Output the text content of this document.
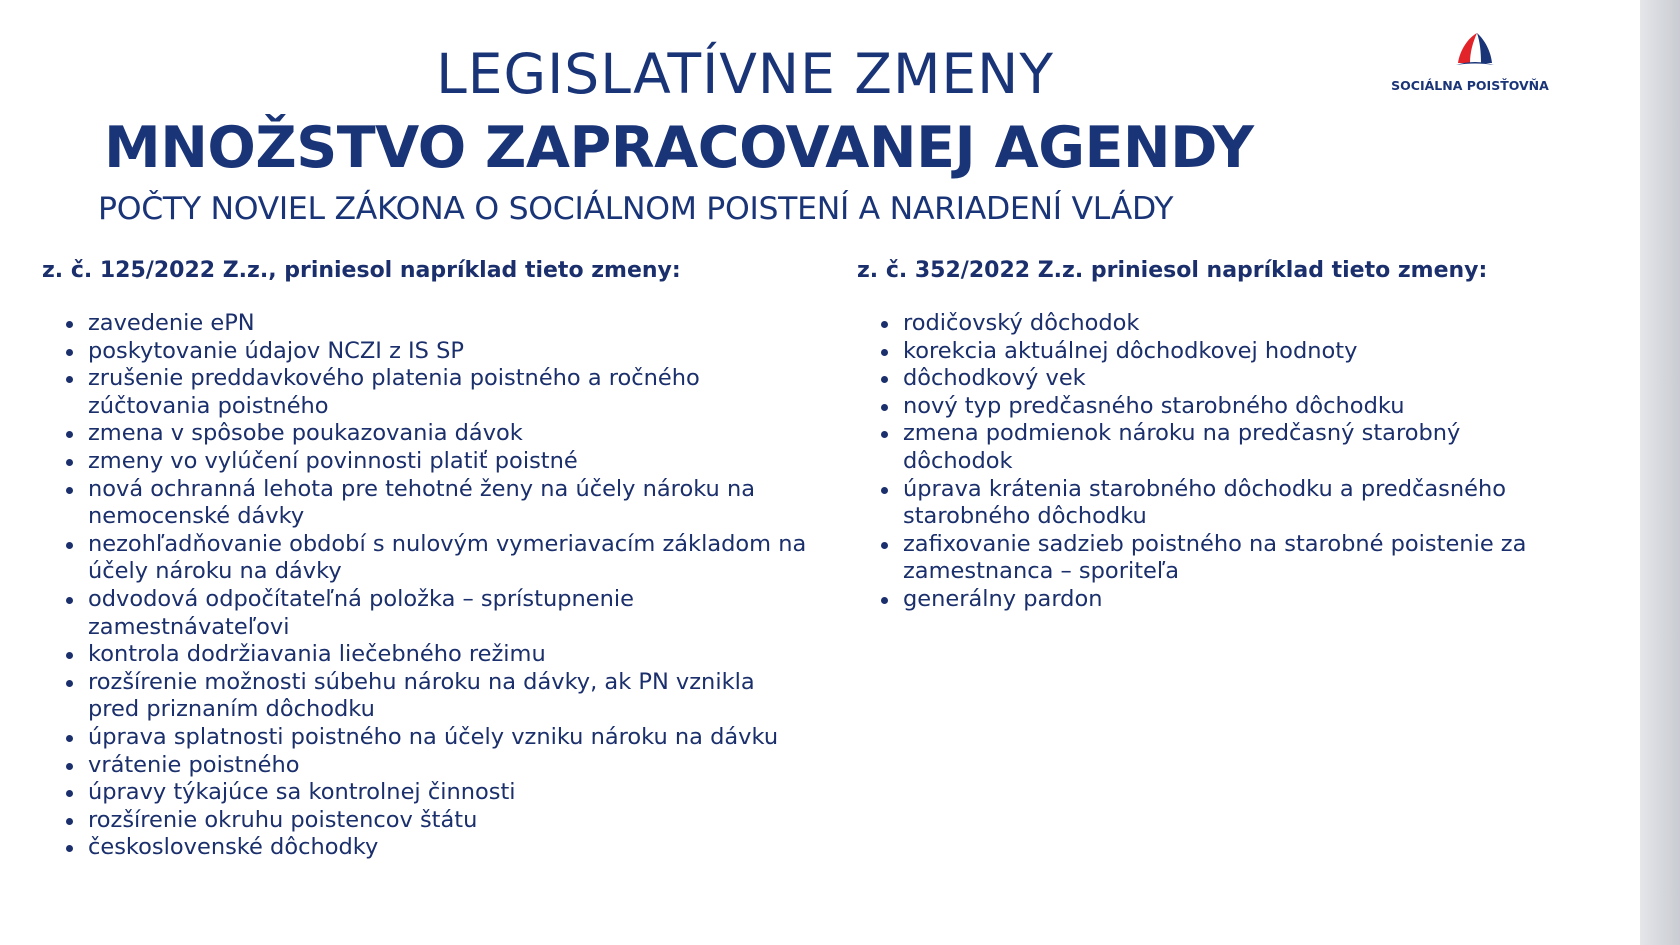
LEGISLATÍVNE ZMENY
MNOŽSTVO ZAPRACOVANEJ AGENDY
POČTY NOVIEL ZÁKONA O SOCIÁLNOM POISTENÍ A NARIADENÍ VLÁDY
SOCIÁLNA POISŤOVŇA
z. č. 125/2022 Z.z., priniesol napríklad tieto zmeny:
zavedenie ePN
poskytovanie údajov NCZI z IS SP
zrušenie preddavkového platenia poistného a ročného zúčtovania poistného
zmena v spôsobe poukazovania dávok
zmeny vo vylúčení povinnosti platiť poistné
nová ochranná lehota pre tehotné ženy na účely nároku na nemocenské dávky
nezohľadňovanie období s nulovým vymeriavacím základom na účely nároku na dávky
odvodová odpočítateľná položka – sprístupnenie zamestnávateľovi
kontrola dodržiavania liečebného režimu
rozšírenie možnosti súbehu nároku na dávky, ak PN vznikla pred priznaním dôchodku
úprava splatnosti poistného na účely vzniku nároku na dávku
vrátenie poistného
úpravy týkajúce sa kontrolnej činnosti
rozšírenie okruhu poistencov štátu
československé dôchodky
z. č. 352/2022 Z.z. priniesol napríklad tieto zmeny:
rodičovský dôchodok
korekcia aktuálnej dôchodkovej hodnoty
dôchodkový vek
nový typ predčasného starobného dôchodku
zmena podmienok nároku na predčasný starobný dôchodok
úprava krátenia starobného dôchodku a predčasného starobného dôchodku
zafixovanie sadzieb poistného na starobné poistenie za zamestnanca – sporiteľa
generálny pardon
